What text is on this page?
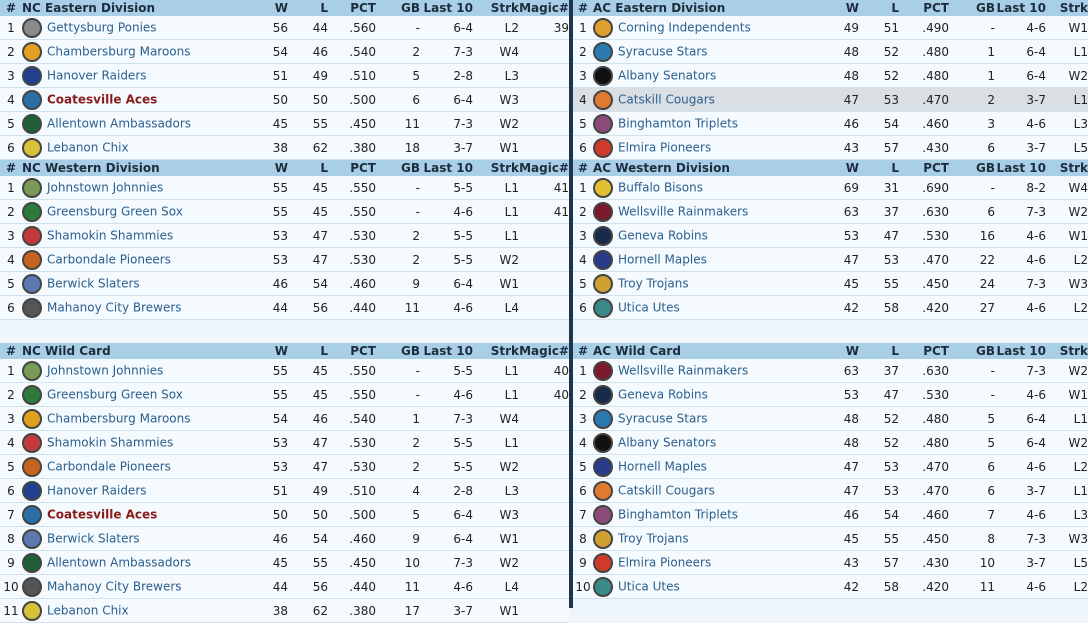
#	NC Eastern Division	W	L	PCT	GB	Last 10	Strk	Magic#
1	Gettysburg Ponies	56	44	.560	-	6-4	L2	39
2	Chambersburg Maroons	54	46	.540	2	7-3	W4	
3	Hanover Raiders	51	49	.510	5	2-8	L3	
4	Coatesville Aces	50	50	.500	6	6-4	W3	
5	Allentown Ambassadors	45	55	.450	11	7-3	W2	
6	Lebanon Chix	38	62	.380	18	3-7	W1	
#	NC Western Division	W	L	PCT	GB	Last 10	Strk	Magic#
1	Johnstown Johnnies	55	45	.550	-	5-5	L1	41
2	Greensburg Green Sox	55	45	.550	-	4-6	L1	41
3	Shamokin Shammies	53	47	.530	2	5-5	L1	
4	Carbondale Pioneers	53	47	.530	2	5-5	W2	
5	Berwick Slaters	46	54	.460	9	6-4	W1	
6	Mahanoy City Brewers	44	56	.440	11	4-6	L4	

#	NC Wild Card	W	L	PCT	GB	Last 10	Strk	Magic#
1	Johnstown Johnnies	55	45	.550	-	5-5	L1	40
2	Greensburg Green Sox	55	45	.550	-	4-6	L1	40
3	Chambersburg Maroons	54	46	.540	1	7-3	W4	
4	Shamokin Shammies	53	47	.530	2	5-5	L1	
5	Carbondale Pioneers	53	47	.530	2	5-5	W2	
6	Hanover Raiders	51	49	.510	4	2-8	L3	
7	Coatesville Aces	50	50	.500	5	6-4	W3	
8	Berwick Slaters	46	54	.460	9	6-4	W1	
9	Allentown Ambassadors	45	55	.450	10	7-3	W2	
10	Mahanoy City Brewers	44	56	.440	11	4-6	L4	
11	Lebanon Chix	38	62	.380	17	3-7	W1	
#	AC Eastern Division	W	L	PCT	GB	Last 10	Strk
1	Corning Independents	49	51	.490	-	4-6	W1
2	Syracuse Stars	48	52	.480	1	6-4	L1
3	Albany Senators	48	52	.480	1	6-4	W2
4	Catskill Cougars	47	53	.470	2	3-7	L1
5	Binghamton Triplets	46	54	.460	3	4-6	L3
6	Elmira Pioneers	43	57	.430	6	3-7	L5
#	AC Western Division	W	L	PCT	GB	Last 10	Strk
1	Buffalo Bisons	69	31	.690	-	8-2	W4
2	Wellsville Rainmakers	63	37	.630	6	7-3	W2
3	Geneva Robins	53	47	.530	16	4-6	W1
4	Hornell Maples	47	53	.470	22	4-6	L2
5	Troy Trojans	45	55	.450	24	7-3	W3
6	Utica Utes	42	58	.420	27	4-6	L2

#	AC Wild Card	W	L	PCT	GB	Last 10	Strk
1	Wellsville Rainmakers	63	37	.630	-	7-3	W2
2	Geneva Robins	53	47	.530	-	4-6	W1
3	Syracuse Stars	48	52	.480	5	6-4	L1
4	Albany Senators	48	52	.480	5	6-4	W2
5	Hornell Maples	47	53	.470	6	4-6	L2
6	Catskill Cougars	47	53	.470	6	3-7	L1
7	Binghamton Triplets	46	54	.460	7	4-6	L3
8	Troy Trojans	45	55	.450	8	7-3	W3
9	Elmira Pioneers	43	57	.430	10	3-7	L5
10	Utica Utes	42	58	.420	11	4-6	L2
